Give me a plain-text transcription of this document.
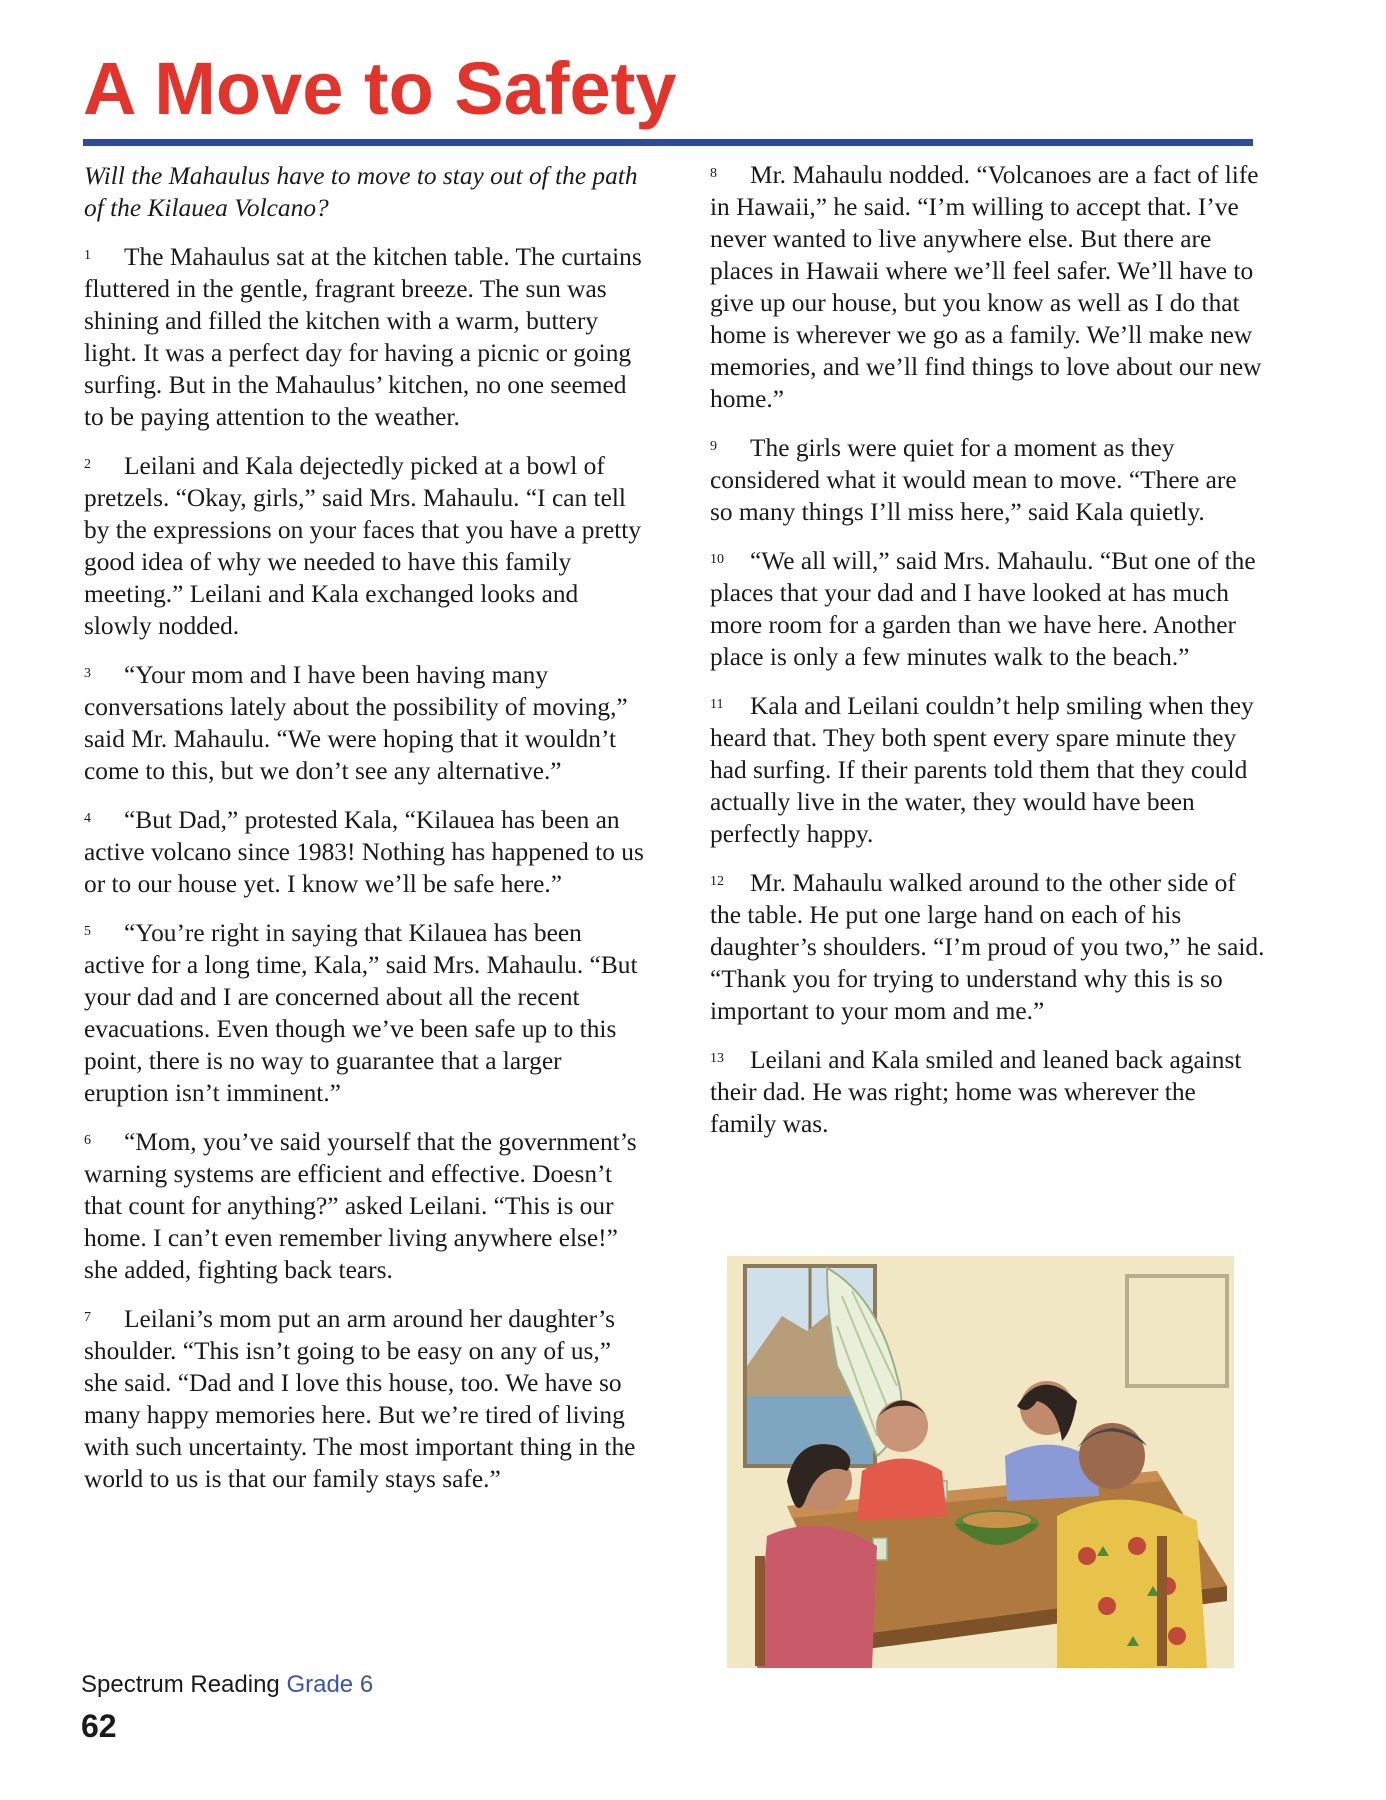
A Move to Safety

Will the Mahaulus have to move to stay out of the path of the Kilauea Volcano?

1 The Mahaulus sat at the kitchen table. The curtains fluttered in the gentle, fragrant breeze. The sun was shining and filled the kitchen with a warm, buttery light. It was a perfect day for having a picnic or going surfing. But in the Mahaulus’ kitchen, no one seemed to be paying attention to the weather.

2 Leilani and Kala dejectedly picked at a bowl of pretzels. “Okay, girls,” said Mrs. Mahaulu. “I can tell by the expressions on your faces that you have a pretty good idea of why we needed to have this family meeting.” Leilani and Kala exchanged looks and slowly nodded.

3 “Your mom and I have been having many conversations lately about the possibility of moving,” said Mr. Mahaulu. “We were hoping that it wouldn’t come to this, but we don’t see any alternative.”

4 “But Dad,” protested Kala, “Kilauea has been an active volcano since 1983! Nothing has happened to us or to our house yet. I know we’ll be safe here.”

5 “You’re right in saying that Kilauea has been active for a long time, Kala,” said Mrs. Mahaulu. “But your dad and I are concerned about all the recent evacuations. Even though we’ve been safe up to this point, there is no way to guarantee that a larger eruption isn’t imminent.”

6 “Mom, you’ve said yourself that the government’s warning systems are efficient and effective. Doesn’t that count for anything?” asked Leilani. “This is our home. I can’t even remember living anywhere else!” she added, fighting back tears.

7 Leilani’s mom put an arm around her daughter’s shoulder. “This isn’t going to be easy on any of us,” she said. “Dad and I love this house, too. We have so many happy memories here. But we’re tired of living with such uncertainty. The most important thing in the world to us is that our family stays safe.”

8 Mr. Mahaulu nodded. “Volcanoes are a fact of life in Hawaii,” he said. “I’m willing to accept that. I’ve never wanted to live anywhere else. But there are places in Hawaii where we’ll feel safer. We’ll have to give up our house, but you know as well as I do that home is wherever we go as a family. We’ll make new memories, and we’ll find things to love about our new home.”

9 The girls were quiet for a moment as they considered what it would mean to move. “There are so many things I’ll miss here,” said Kala quietly.

10 “We all will,” said Mrs. Mahaulu. “But one of the places that your dad and I have looked at has much more room for a garden than we have here. Another place is only a few minutes walk to the beach.”

11 Kala and Leilani couldn’t help smiling when they heard that. They both spent every spare minute they had surfing. If their parents told them that they could actually live in the water, they would have been perfectly happy.

12 Mr. Mahaulu walked around to the other side of the table. He put one large hand on each of his daughter’s shoulders. “I’m proud of you two,” he said. “Thank you for trying to understand why this is so important to your mom and me.”

13 Leilani and Kala smiled and leaned back against their dad. He was right; home was wherever the family was.

Spectrum Reading Grade 6
62
